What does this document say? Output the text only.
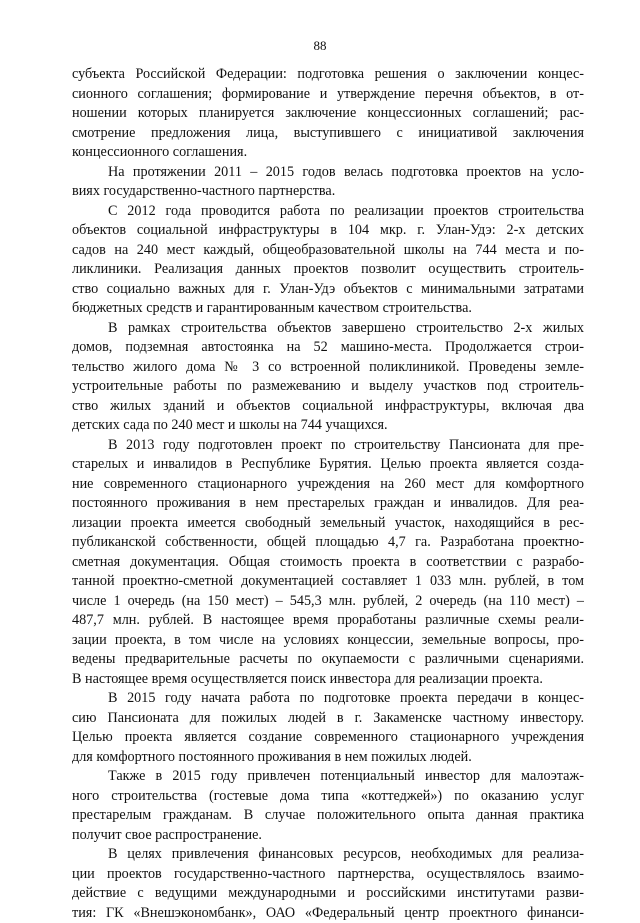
88
субъекта Российской Федерации: подготовка решения о заключении концес-
сионного соглашения; формирование и утверждение перечня объектов, в от-
ношении которых планируется заключение концессионных соглашений; рас-
смотрение предложения лица, выступившего с инициативой заключения
концессионного соглашения.
На протяжении 2011 – 2015 годов велась подготовка проектов на усло-
виях государственно-частного партнерства.
С 2012 года проводится работа по реализации проектов строительства
объектов социальной инфраструктуры в 104 мкр. г. Улан-Удэ: 2-х детских
садов на 240 мест каждый, общеобразовательной школы на 744 места и по-
ликлиники. Реализация данных проектов позволит осуществить строитель-
ство социально важных для г. Улан-Удэ объектов с минимальными затратами
бюджетных средств и гарантированным качеством строительства.
В рамках строительства объектов завершено строительство 2-х жилых
домов, подземная автостоянка на 52 машино-места. Продолжается строи-
тельство жилого дома № 3 со встроенной поликлиникой. Проведены земле-
устроительные работы по размежеванию и выделу участков под строитель-
ство жилых зданий и объектов социальной инфраструктуры, включая два
детских сада по 240 мест и школы на 744 учащихся.
В 2013 году подготовлен проект по строительству Пансионата для пре-
старелых и инвалидов в Республике Бурятия. Целью проекта является созда-
ние современного стационарного учреждения на 260 мест для комфортного
постоянного проживания в нем престарелых граждан и инвалидов. Для реа-
лизации проекта имеется свободный земельный участок, находящийся в рес-
публиканской собственности, общей площадью 4,7 га. Разработана проектно-
сметная документация. Общая стоимость проекта в соответствии с разрабо-
танной проектно-сметной документацией составляет 1 033 млн. рублей, в том
числе 1 очередь (на 150 мест) – 545,3 млн. рублей, 2 очередь (на 110 мест) –
487,7 млн. рублей. В настоящее время проработаны различные схемы реали-
зации проекта, в том числе на условиях концессии, земельные вопросы, про-
ведены предварительные расчеты по окупаемости с различными сценариями.
В настоящее время осуществляется поиск инвестора для реализации проекта.
В 2015 году начата работа по подготовке проекта передачи в концес-
сию Пансионата для пожилых людей в г. Закаменске частному инвестору.
Целью проекта является создание современного стационарного учреждения
для комфортного постоянного проживания в нем пожилых людей.
Также в 2015 году привлечен потенциальный инвестор для малоэтаж-
ного строительства (гостевые дома типа «коттеджей») по оказанию услуг
престарелым гражданам. В случае положительного опыта данная практика
получит свое распространение.
В целях привлечения финансовых ресурсов, необходимых для реализа-
ции проектов государственно-частного партнерства, осуществлялось взаимо-
действие с ведущими международными и российскими институтами разви-
тия: ГК «Внешэкономбанк», ОАО «Федеральный центр проектного финанси-
